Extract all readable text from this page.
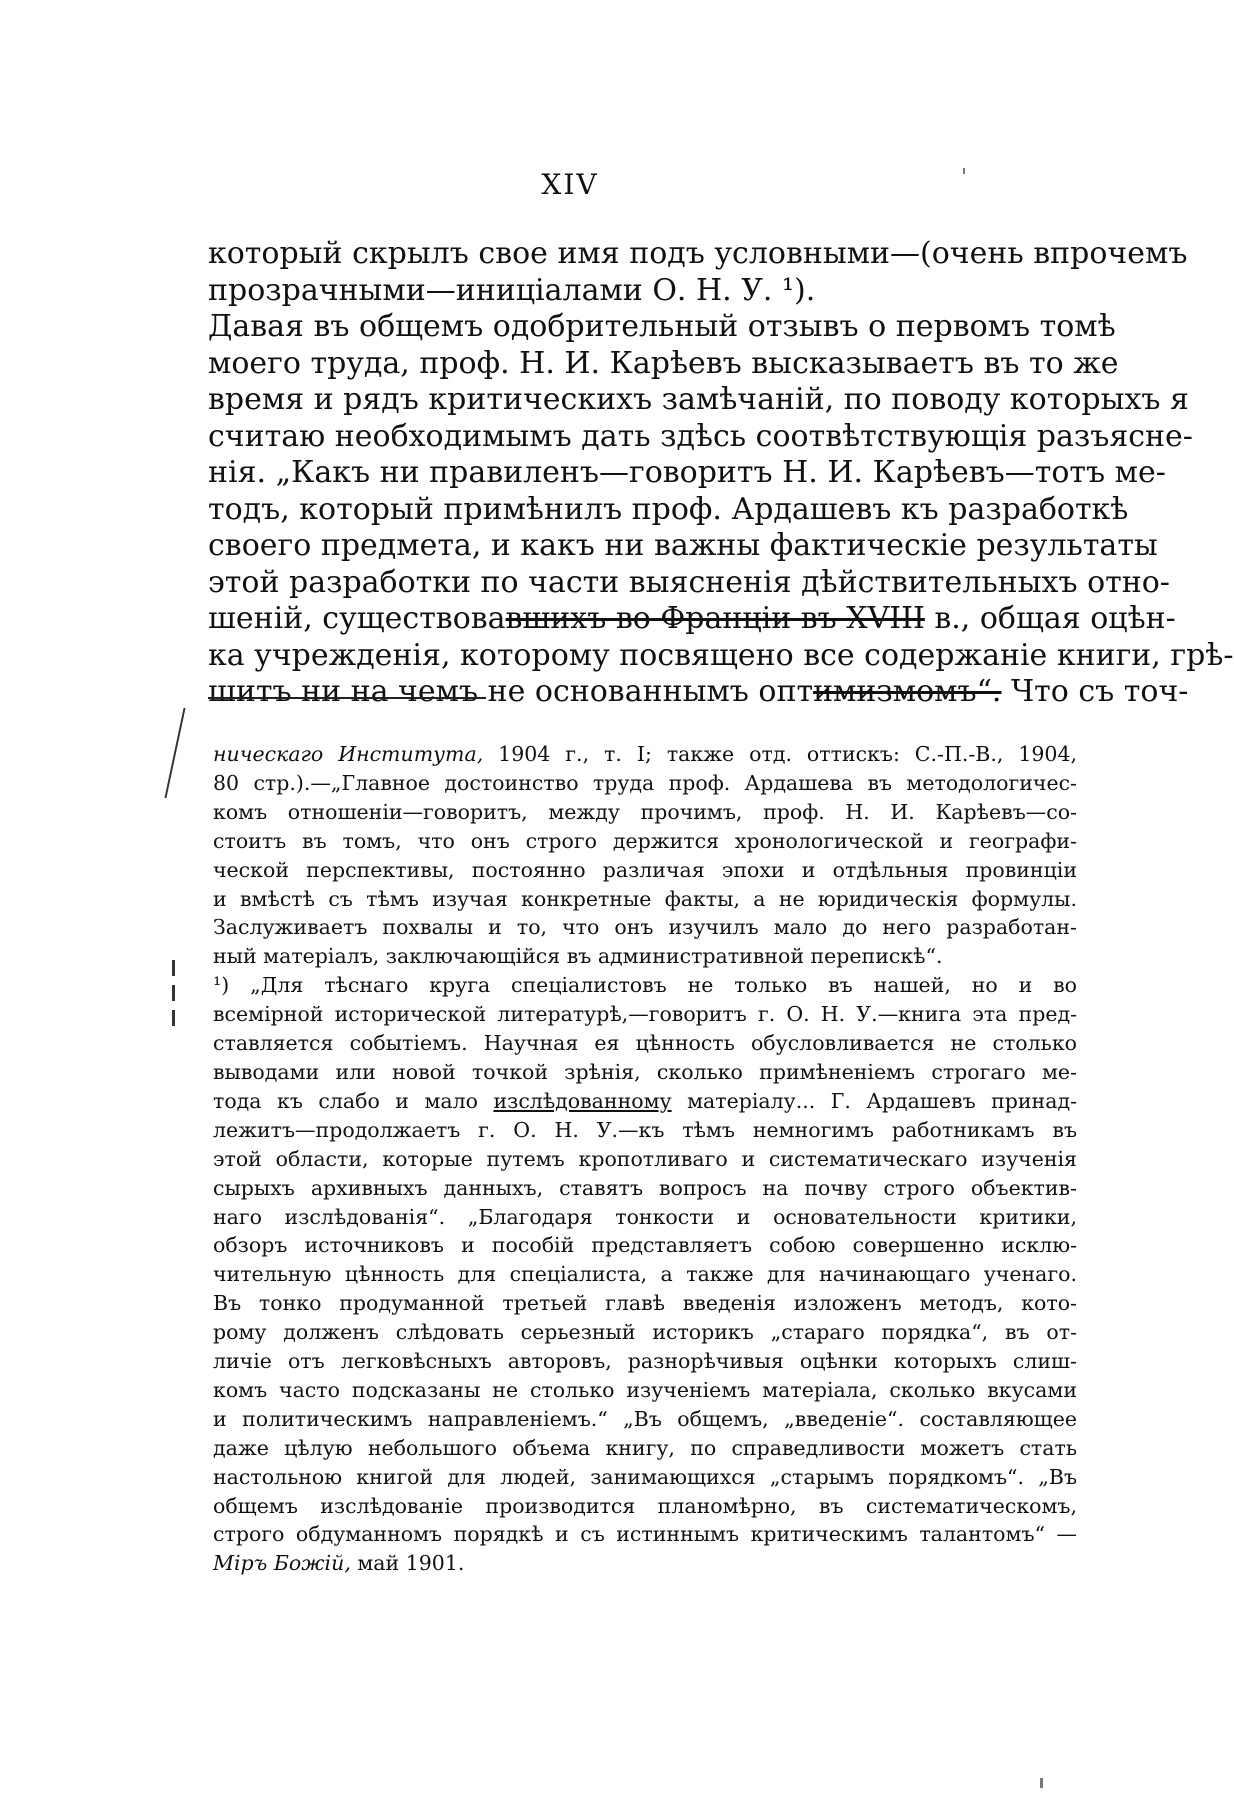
XIV
который скрылъ свое имя подъ условными—(очень впрочемъ
прозрачными—иниціалами О. Н. У. ¹).
Давая въ общемъ одобрительный отзывъ о первомъ томѣ
моего труда, проф. Н. И. Карѣевъ высказываетъ въ то же
время и рядъ критическихъ замѣчаній, по поводу которыхъ я
считаю необходимымъ дать здѣсь соотвѣтствующія разъясне-
нія. „Какъ ни правиленъ—говоритъ Н. И. Карѣевъ—тотъ ме-
тодъ, который примѣнилъ проф. Ардашевъ къ разработкѣ
своего предмета, и какъ ни важны фактическіе результаты
этой разработки по части выясненія дѣйствительныхъ отно-
шеній, существовавшихъ во Франціи въ XVIII в., общая оцѣн-
ка учрежденія, которому посвящено все содержаніе книги, грѣ-
шитъ ни на чемъ не основаннымъ оптимизмомъ“. Что съ точ-
ническаго Института, 1904 г., т. I; также отд. оттискъ: С.-П.-В., 1904,
80 стр.).—„Главное достоинство труда проф. Ардашева въ методологичес-
комъ отношеніи—говоритъ, между прочимъ, проф. Н. И. Карѣевъ—со-
стоитъ въ томъ, что онъ строго держится хронологической и географи-
ческой перспективы, постоянно различая эпохи и отдѣльныя провинціи
и вмѣстѣ съ тѣмъ изучая конкретные факты, а не юридическія формулы.
Заслуживаетъ похвалы и то, что онъ изучилъ мало до него разработан-
ный матеріалъ, заключающійся въ административной перепискѣ“.
¹) „Для тѣснаго круга спеціалистовъ не только въ нашей, но и во
всемірной исторической литературѣ,—говоритъ г. О. Н. У.—книга эта пред-
ставляется событіемъ. Научная ея цѣнность обусловливается не столько
выводами или новой точкой зрѣнія, сколько примѣненіемъ строгаго ме-
тода къ слабо и мало изслѣдованному матеріалу... Г. Ардашевъ принад-
лежитъ—продолжаетъ г. О. Н. У.—къ тѣмъ немногимъ работникамъ въ
этой области, которые путемъ кропотливаго и систематическаго изученія
сырыхъ архивныхъ данныхъ, ставятъ вопросъ на почву строго объектив-
наго изслѣдованія“. „Благодаря тонкости и основательности критики,
обзоръ источниковъ и пособій представляетъ собою совершенно исклю-
чительную цѣнность для спеціалиста, а также для начинающаго ученаго.
Въ тонко продуманной третьей главѣ введенія изложенъ методъ, кото-
рому долженъ слѣдовать серьезный историкъ „стараго порядка“, въ от-
личіе отъ легковѣсныхъ авторовъ, разнорѣчивыя оцѣнки которыхъ слиш-
комъ часто подсказаны не столько изученіемъ матеріала, сколько вкусами
и политическимъ направленіемъ.“ „Въ общемъ, „введеніе“. составляющее
даже цѣлую небольшого объема книгу, по справедливости можетъ стать
настольною книгой для людей, занимающихся „старымъ порядкомъ“. „Въ
общемъ изслѣдованіе производится планомѣрно, въ систематическомъ,
строго обдуманномъ порядкѣ и съ истиннымъ критическимъ талантомъ“ —
Міръ Божій, май 1901.
